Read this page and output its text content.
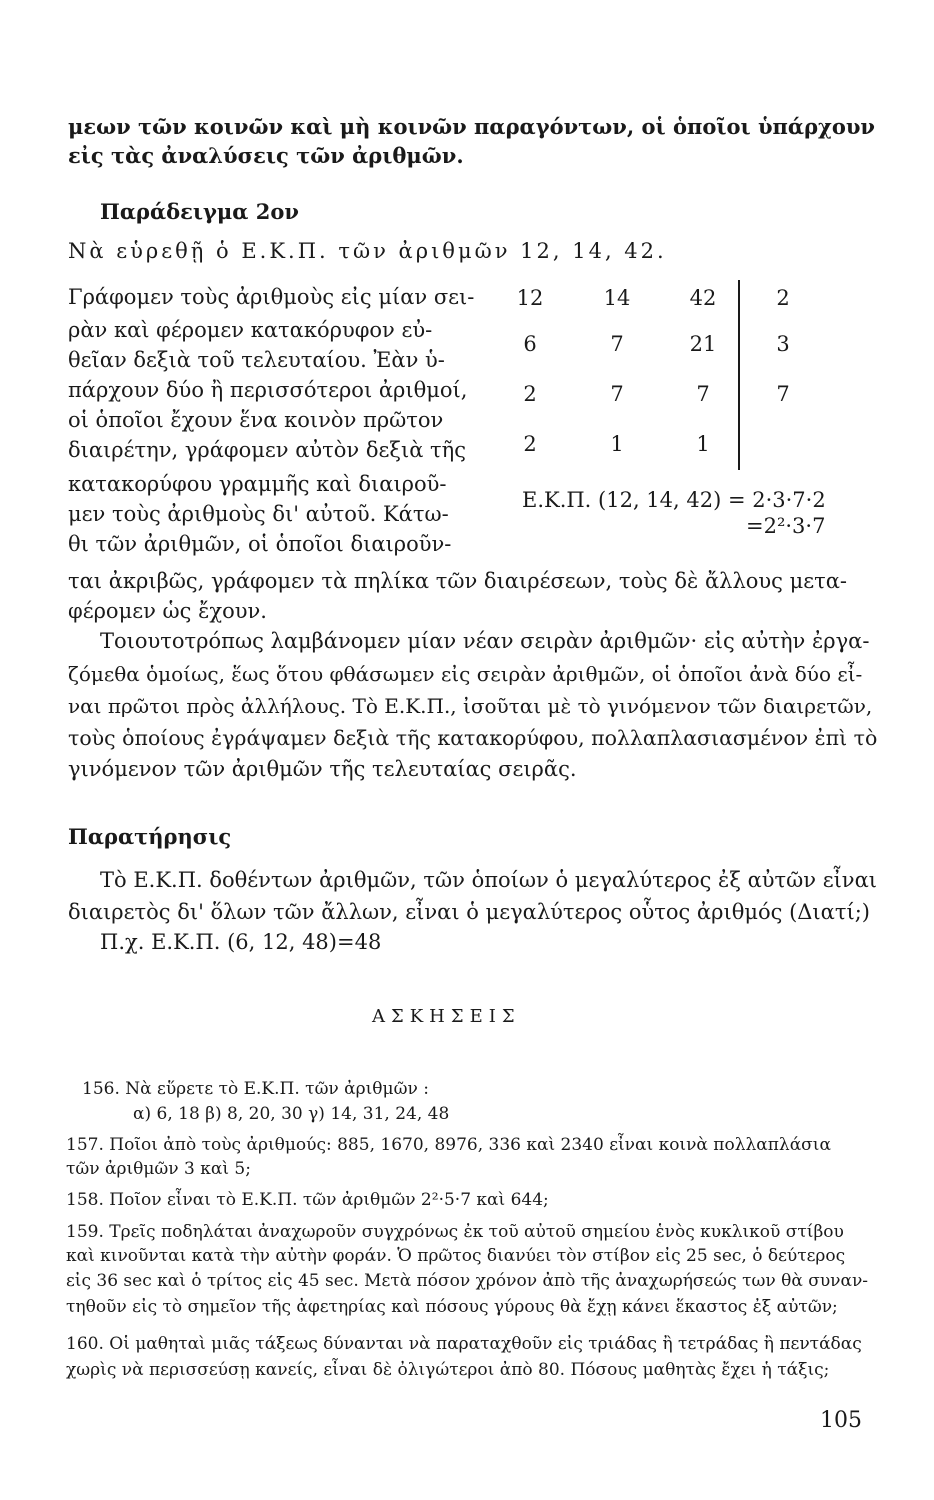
μεων τῶν κοινῶν καὶ μὴ κοινῶν παραγόντων, οἱ ὁποῖοι ὑπάρχουν
εἰς τὰς ἀναλύσεις τῶν ἀριθμῶν.
Παράδειγμα 2ον
Νὰ εὑρεθῇ ὁ Ε.Κ.Π. τῶν ἀριθμῶν 12, 14, 42.
Γράφομεν τοὺς ἀριθμοὺς εἰς μίαν σει-
ρὰν καὶ φέρομεν κατακόρυφον εὐ-
θεῖαν δεξιὰ τοῦ τελευταίου. Ἐὰν ὑ-
πάρχουν δύο ἢ περισσότεροι ἀριθμοί,
οἱ ὁποῖοι ἔχουν ἕνα κοινὸν πρῶτον
διαιρέτην, γράφομεν αὐτὸν δεξιὰ τῆς
κατακορύφου γραμμῆς καὶ διαιροῦ-
μεν τοὺς ἀριθμοὺς δι' αὐτοῦ. Κάτω-
θι τῶν ἀριθμῶν, οἱ ὁποῖοι διαιροῦν-
12	14	42	2
6	7	21	3
2	7	7	7
2	1	1
Ε.Κ.Π. (12, 14, 42) = 2·3·7·2
=2²·3·7
ται ἀκριβῶς, γράφομεν τὰ πηλίκα τῶν διαιρέσεων, τοὺς δὲ ἄλλους μετα-
φέρομεν ὡς ἔχουν.
Τοιουτοτρόπως λαμβάνομεν μίαν νέαν σειρὰν ἀριθμῶν· εἰς αὐτὴν ἐργα-
ζόμεθα ὁμοίως, ἕως ὅτου φθάσωμεν εἰς σειρὰν ἀριθμῶν, οἱ ὁποῖοι ἀνὰ δύο εἶ-
ναι πρῶτοι πρὸς ἀλλήλους. Τὸ Ε.Κ.Π., ἰσοῦται μὲ τὸ γινόμενον τῶν διαιρετῶν,
τοὺς ὁποίους ἐγράψαμεν δεξιὰ τῆς κατακορύφου, πολλαπλασιασμένον ἐπὶ τὸ
γινόμενον τῶν ἀριθμῶν τῆς τελευταίας σειρᾶς.
Παρατήρησις
Τὸ Ε.Κ.Π. δοθέντων ἀριθμῶν, τῶν ὁποίων ὁ μεγαλύτερος ἐξ αὐτῶν εἶναι
διαιρετὸς δι' ὅλων τῶν ἄλλων, εἶναι ὁ μεγαλύτερος οὗτος ἀριθμός (Διατί;)
Π.χ. Ε.Κ.Π. (6, 12, 48)=48
ΑΣΚΗΣΕΙΣ
156. Νὰ εὕρετε τὸ Ε.Κ.Π. τῶν ἀριθμῶν :
α) 6, 18 β) 8, 20, 30 γ) 14, 31, 24, 48
157. Ποῖοι ἀπὸ τοὺς ἀριθμούς: 885, 1670, 8976, 336 καὶ 2340 εἶναι κοινὰ πολλαπλάσια
τῶν ἀριθμῶν 3 καὶ 5;
158. Ποῖον εἶναι τὸ Ε.Κ.Π. τῶν ἀριθμῶν 2²·5·7 καὶ 644;
159. Τρεῖς ποδηλάται ἀναχωροῦν συγχρόνως ἐκ τοῦ αὐτοῦ σημείου ἑνὸς κυκλικοῦ στίβου
καὶ κινοῦνται κατὰ τὴν αὐτὴν φοράν. Ὁ πρῶτος διανύει τὸν στίβον εἰς 25 sec, ὁ δεύτερος
εἰς 36 sec καὶ ὁ τρίτος εἰς 45 sec. Μετὰ πόσον χρόνον ἀπὸ τῆς ἀναχωρήσεώς των θὰ συναν-
τηθοῦν εἰς τὸ σημεῖον τῆς ἀφετηρίας καὶ πόσους γύρους θὰ ἔχῃ κάνει ἕκαστος ἐξ αὐτῶν;
160. Οἱ μαθηταὶ μιᾶς τάξεως δύνανται νὰ παραταχθοῦν εἰς τριάδας ἢ τετράδας ἢ πεντάδας
χωρὶς νὰ περισσεύσῃ κανείς, εἶναι δὲ ὀλιγώτεροι ἀπὸ 80. Πόσους μαθητὰς ἔχει ἡ τάξις;
105
